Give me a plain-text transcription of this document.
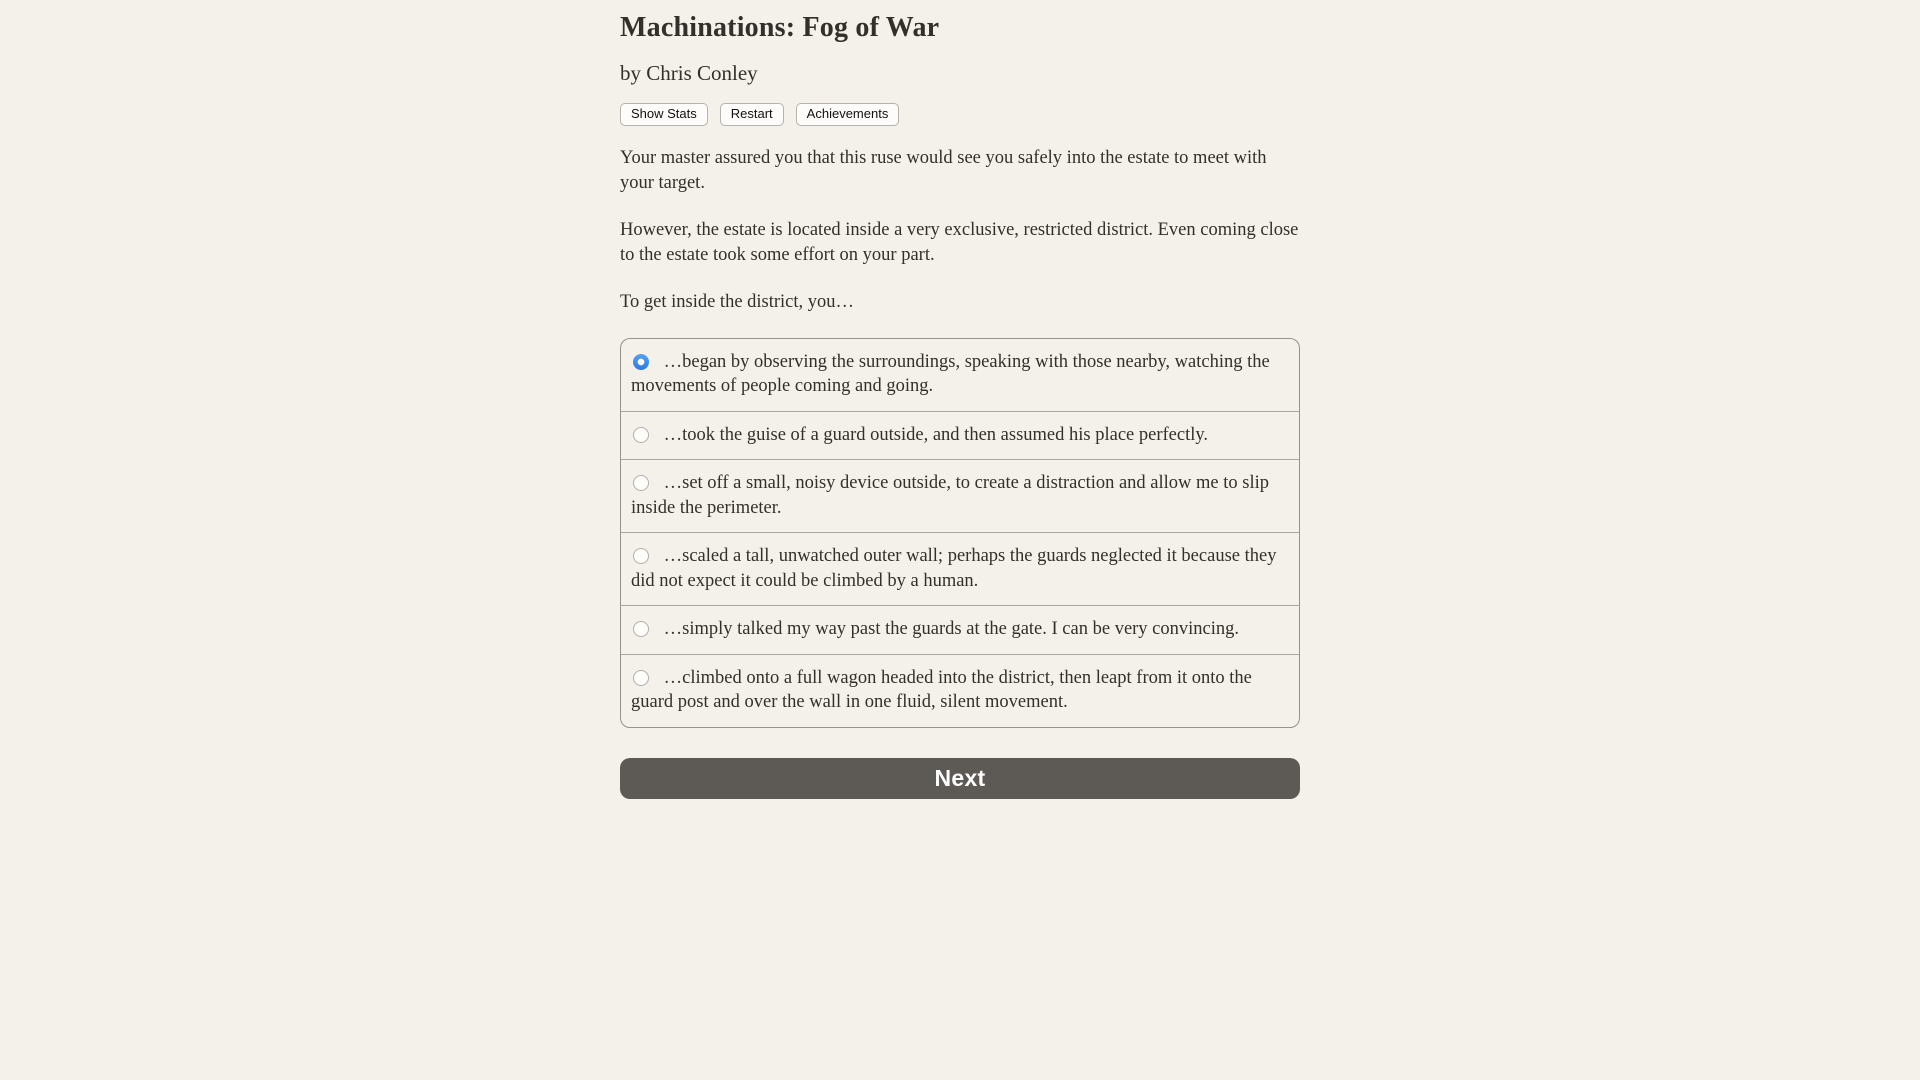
Machinations: Fog of War
by Chris Conley
Show Stats	Restart	Achievements

Your master assured you that this ruse would see you safely into the estate to meet with your target.

However, the estate is located inside a very exclusive, restricted district. Even coming close to the estate took some effort on your part.

To get inside the district, you…

…began by observing the surroundings, speaking with those nearby, watching the movements of people coming and going.
…took the guise of a guard outside, and then assumed his place perfectly.
…set off a small, noisy device outside, to create a distraction and allow me to slip inside the perimeter.
…scaled a tall, unwatched outer wall; perhaps the guards neglected it because they did not expect it could be climbed by a human.
…simply talked my way past the guards at the gate. I can be very convincing.
…climbed onto a full wagon headed into the district, then leapt from it onto the guard post and over the wall in one fluid, silent movement.
Next
